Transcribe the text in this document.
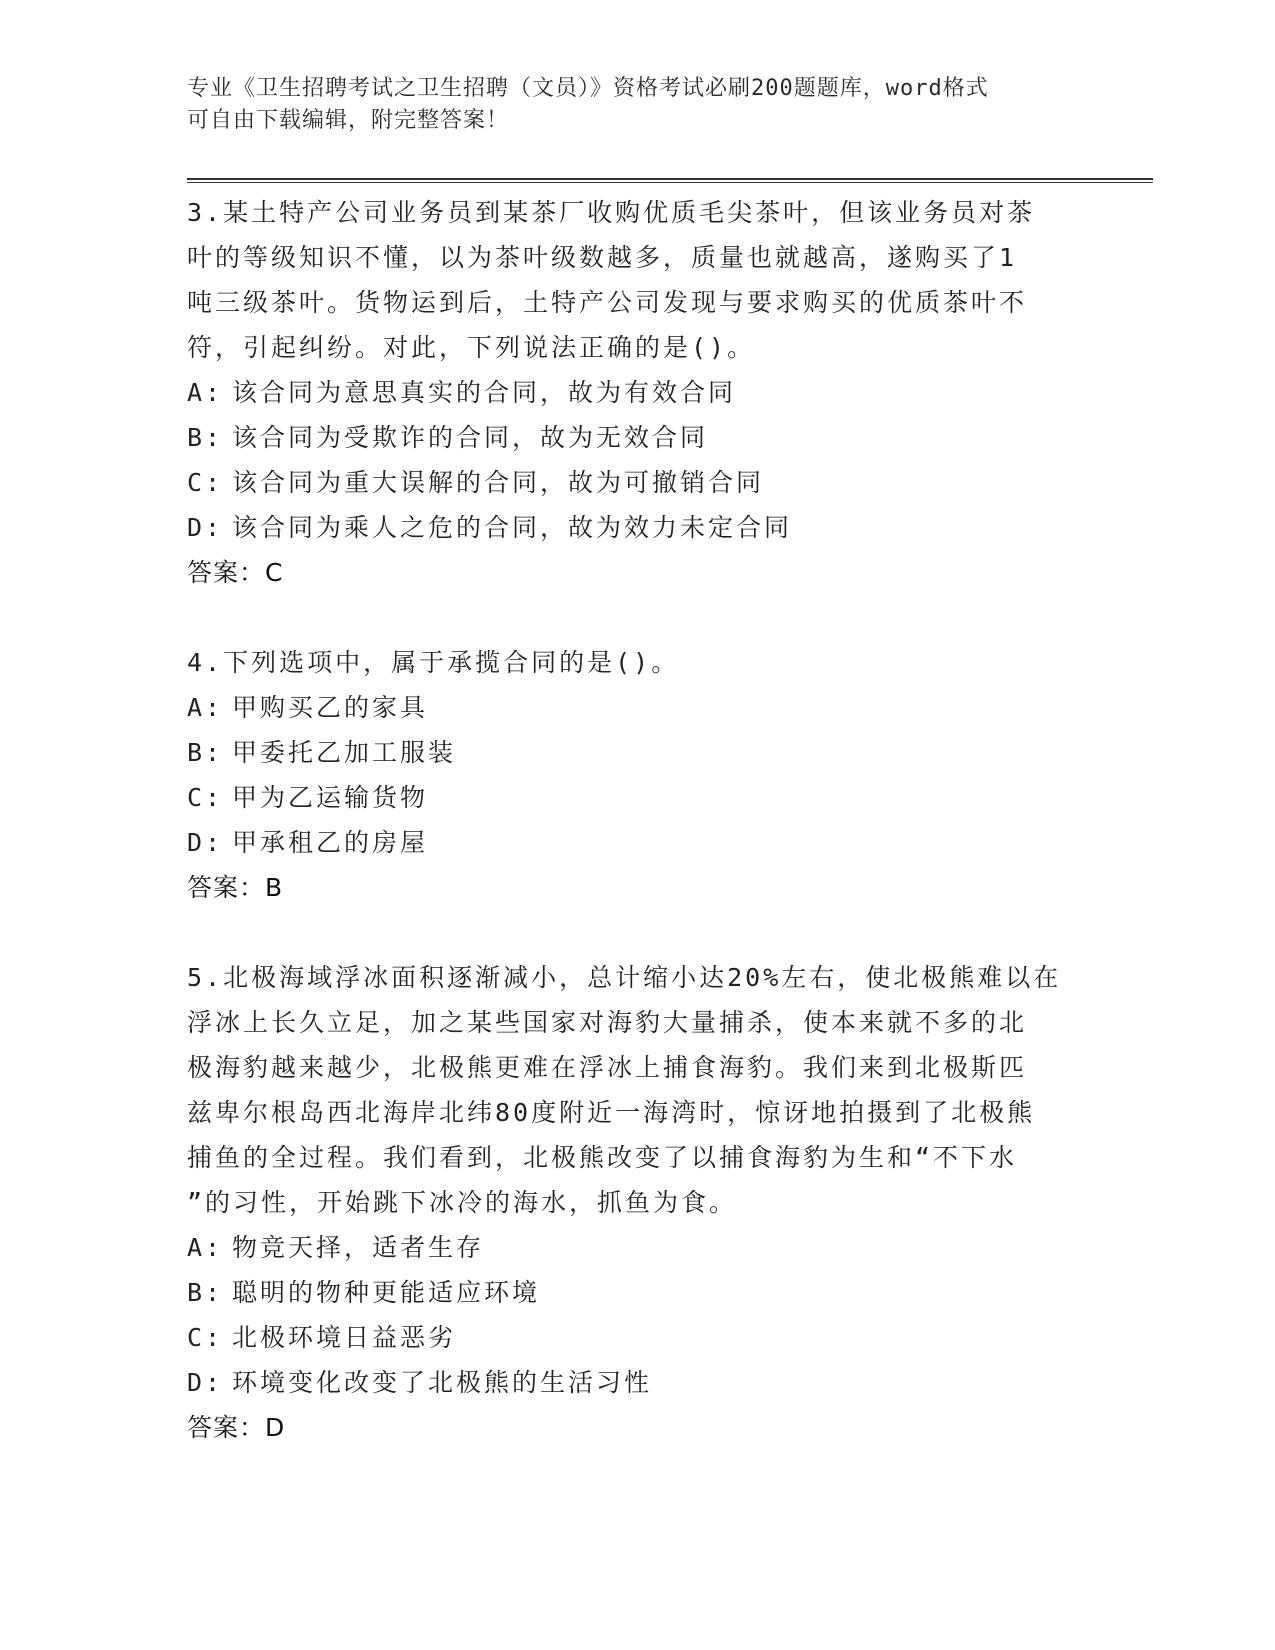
专业《卫生招聘考试之卫生招聘（文员）》资格考试必刷200题题库，word格式
可自由下载编辑，附完整答案！
3.某土特产公司业务员到某茶厂收购优质毛尖茶叶，但该业务员对茶
叶的等级知识不懂，以为茶叶级数越多，质量也就越高，遂购买了1
吨三级茶叶。货物运到后，土特产公司发现与要求购买的优质茶叶不
符，引起纠纷。对此，下列说法正确的是()。
A: 该合同为意思真实的合同，故为有效合同
B: 该合同为受欺诈的合同，故为无效合同
C: 该合同为重大误解的合同，故为可撤销合同
D: 该合同为乘人之危的合同，故为效力未定合同
答案：C
4.下列选项中，属于承揽合同的是()。
A: 甲购买乙的家具
B: 甲委托乙加工服装
C: 甲为乙运输货物
D: 甲承租乙的房屋
答案：B
5.北极海域浮冰面积逐渐减小，总计缩小达20%左右，使北极熊难以在
浮冰上长久立足，加之某些国家对海豹大量捕杀，使本来就不多的北
极海豹越来越少，北极熊更难在浮冰上捕食海豹。我们来到北极斯匹
兹卑尔根岛西北海岸北纬80度附近一海湾时，惊讶地拍摄到了北极熊
捕鱼的全过程。我们看到，北极熊改变了以捕食海豹为生和“不下水
”的习性，开始跳下冰冷的海水，抓鱼为食。
A: 物竞天择，适者生存
B: 聪明的物种更能适应环境
C: 北极环境日益恶劣
D: 环境变化改变了北极熊的生活习性
答案：D
